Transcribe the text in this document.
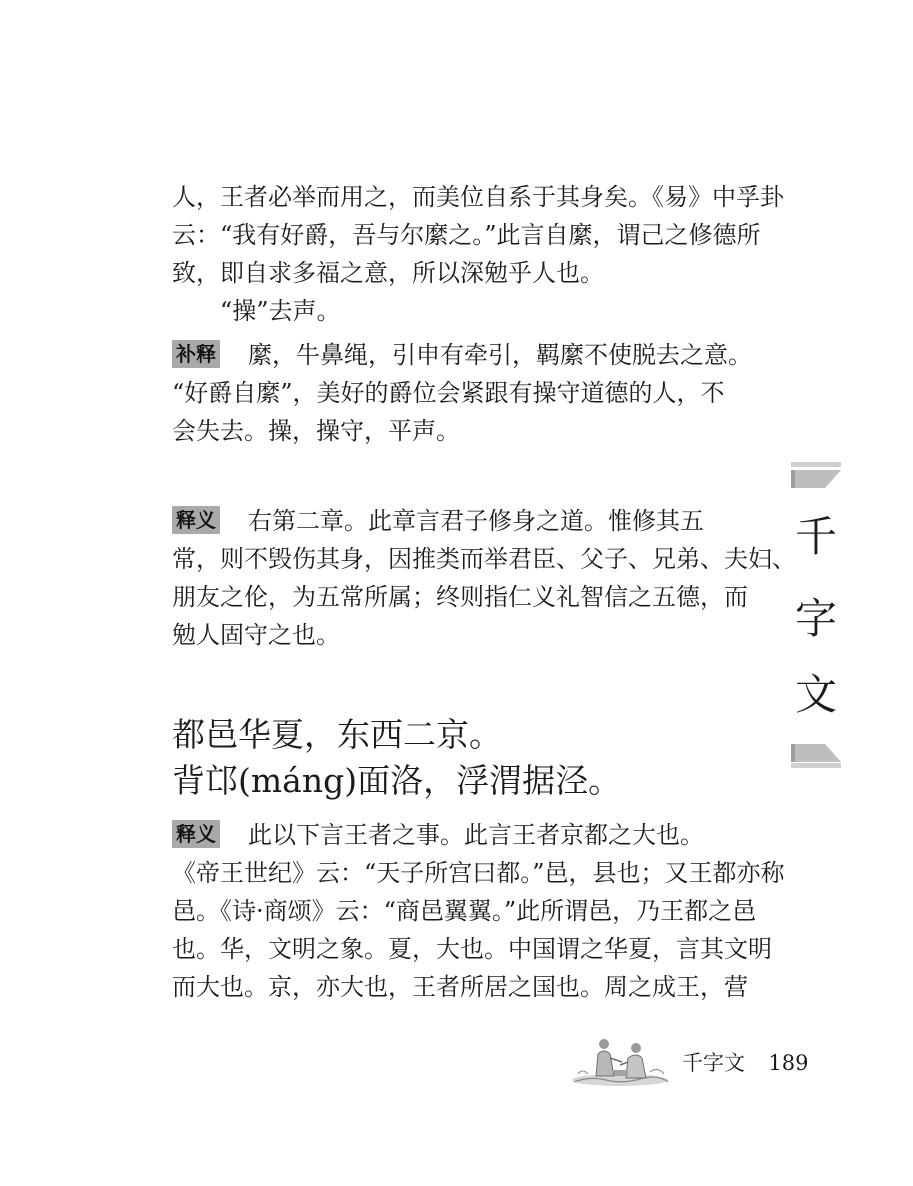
人，王者必举而用之，而美位自系于其身矣。《易》中孚卦
云：“我有好爵，吾与尔縻之。”此言自縻，谓己之修德所
致，即自求多福之意，所以深勉乎人也。
“操”去声。
补释 縻，牛鼻绳，引申有牵引，羁縻不使脱去之意。
“好爵自縻”，美好的爵位会紧跟有操守道德的人，不
会失去。操，操守，平声。
释义 右第二章。此章言君子修身之道。惟修其五
常，则不毁伤其身，因推类而举君臣、父子、兄弟、夫妇、
朋友之伦，为五常所属；终则指仁义礼智信之五德，而
勉人固守之也。
都邑华夏，东西二京。
背邙(máng)面洛，浮渭据泾。
释义 此以下言王者之事。此言王者京都之大也。
《帝王世纪》云：“天子所宫曰都。”邑，县也；又王都亦称
邑。《诗·商颂》云：“商邑翼翼。”此所谓邑，乃王都之邑
也。华，文明之象。夏，大也。中国谓之华夏，言其文明
而大也。京，亦大也，王者所居之国也。周之成王，营
千
字
文
千字文 189
